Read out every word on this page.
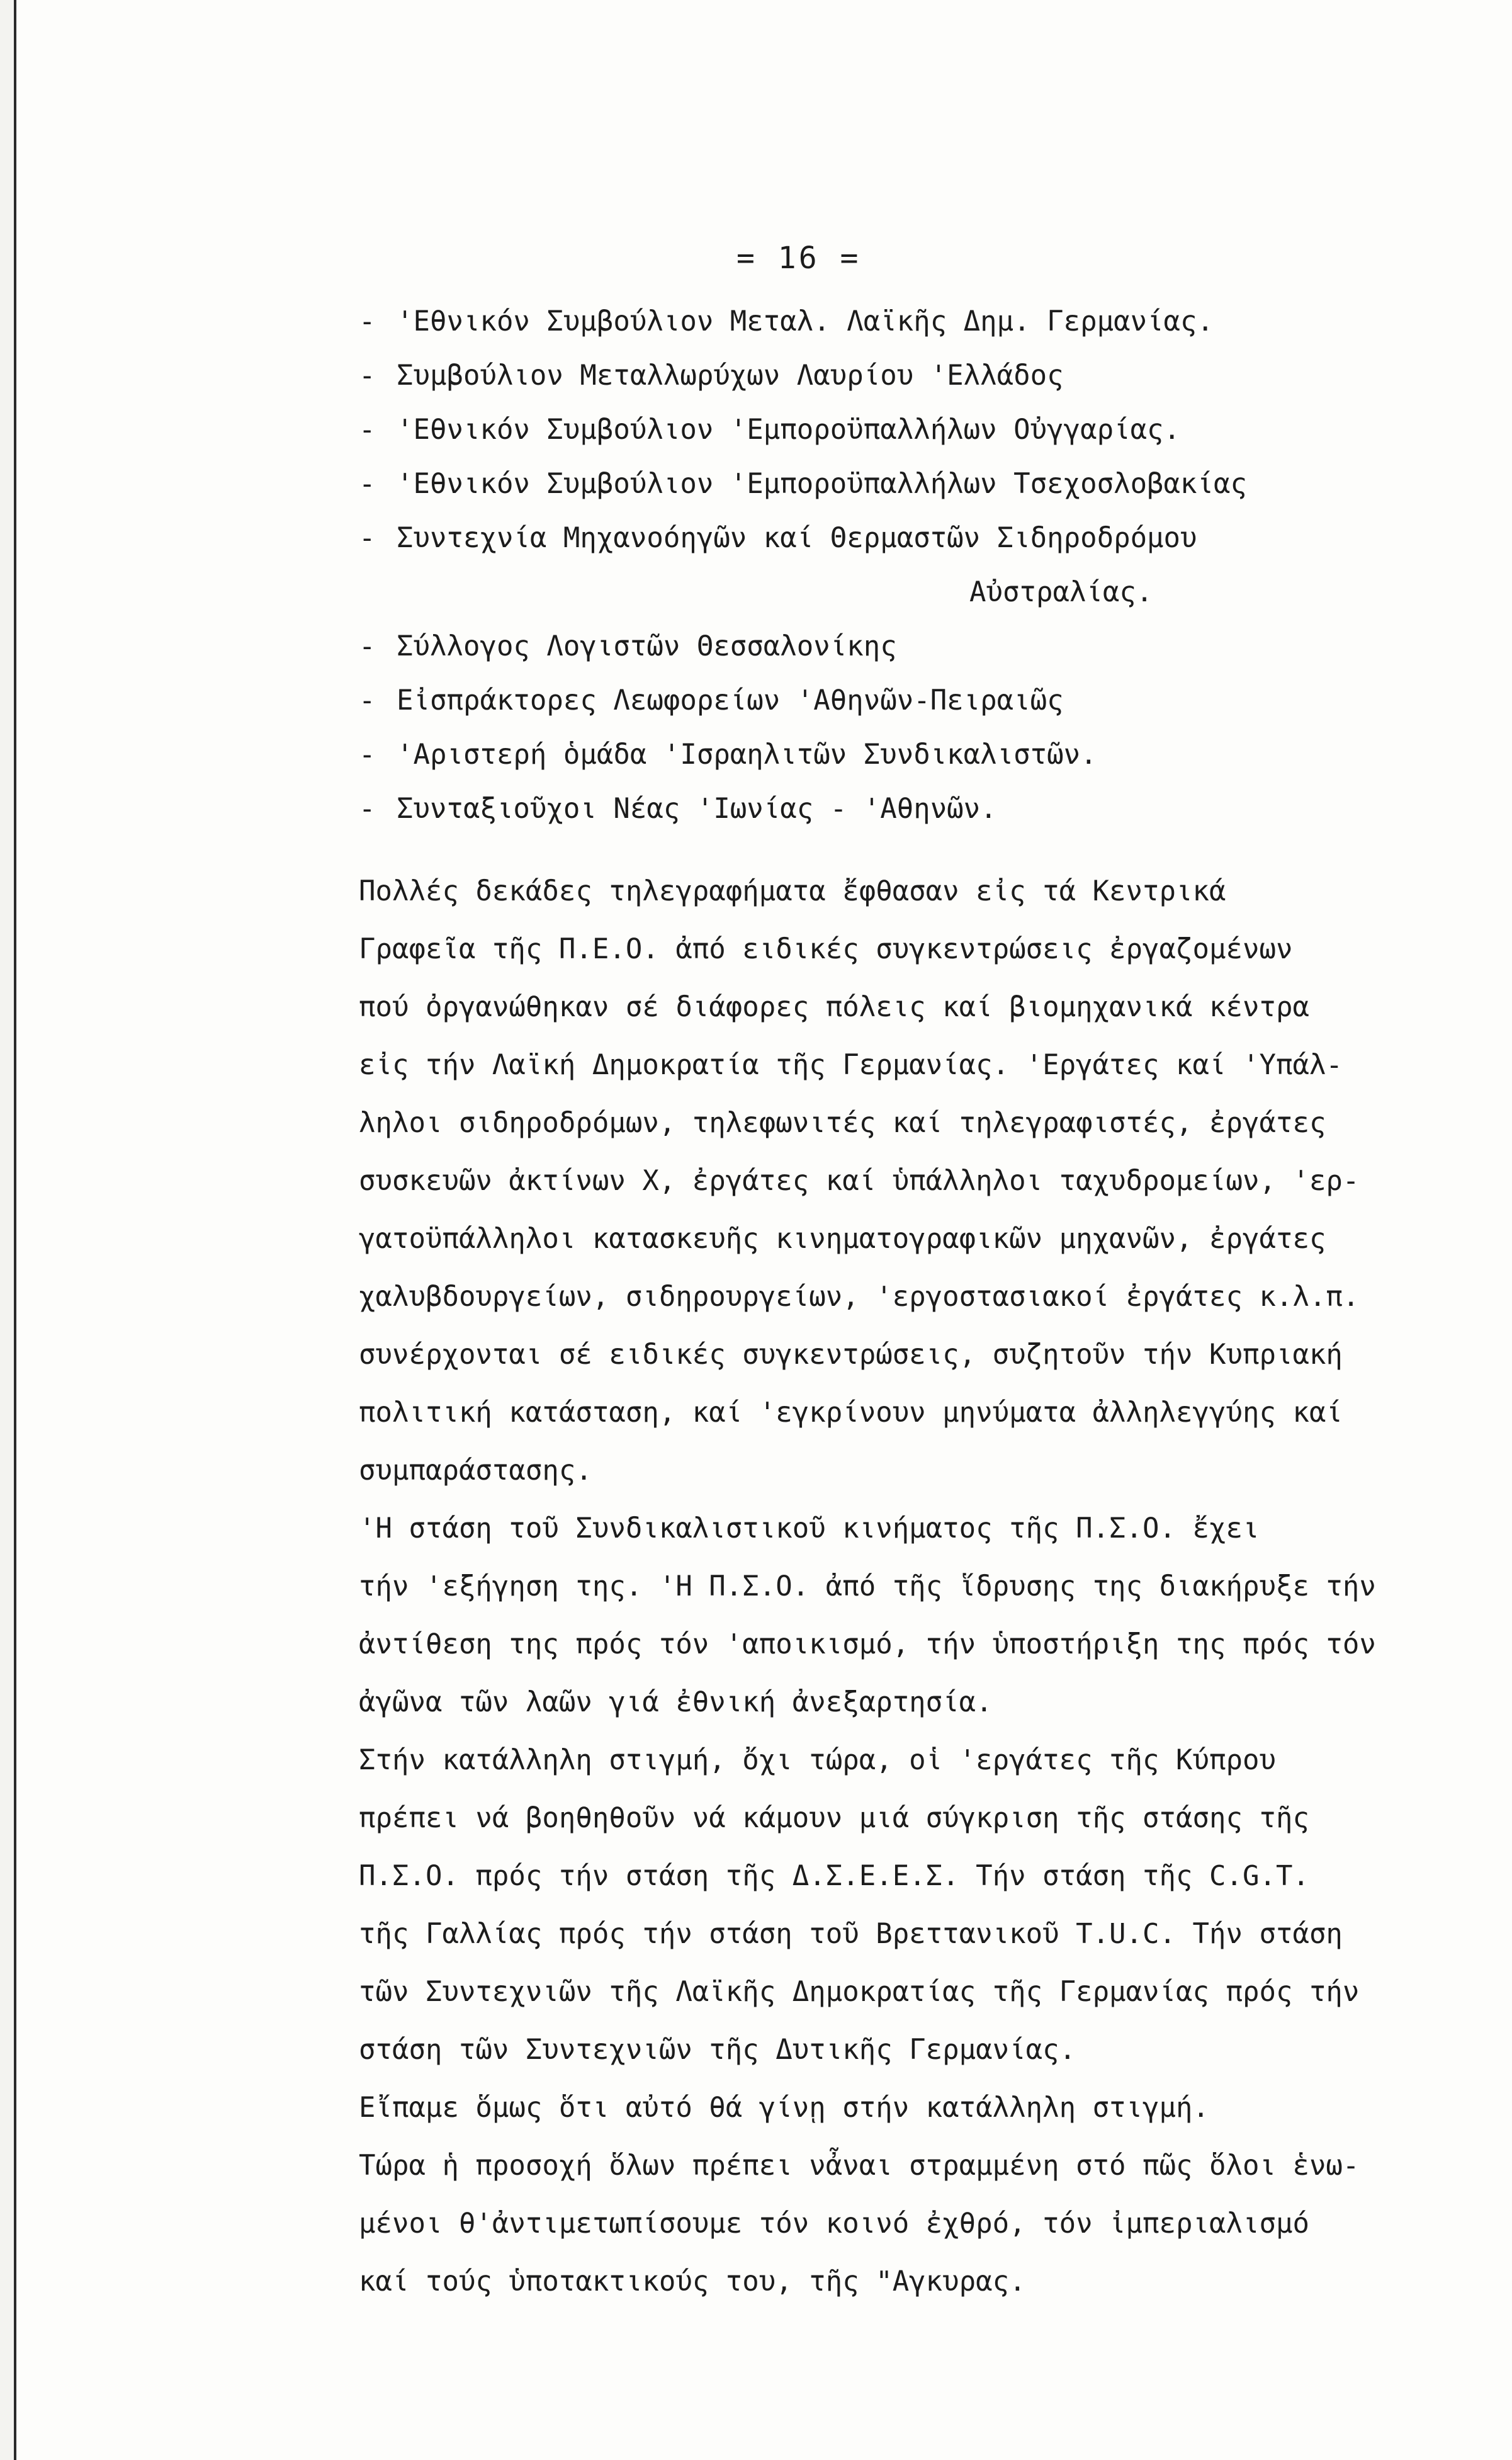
= 16 =
- 'Εθνικόν Συμβούλιον Μεταλ. Λαϊκῆς Δημ. Γερμανίας.
- Συμβούλιον Μεταλλωρύχων Λαυρίου 'Ελλάδος
- 'Εθνικόν Συμβούλιον 'Εμποροϋπαλλήλων Οὐγγαρίας.
- 'Εθνικόν Συμβούλιον 'Εμποροϋπαλλήλων Τσεχοσλοβακίας
- Συντεχνία Μηχανοόηγῶν καί Θερμαστῶν Σιδηροδρόμου
Αὐστραλίας.
- Σύλλογος Λογιστῶν Θεσσαλονίκης
- Εἰσπράκτορες Λεωφορείων 'Αθηνῶν-Πειραιῶς
- 'Αριστερή ὁμάδα 'Ισραηλιτῶν Συνδικαλιστῶν.
- Συνταξιοῦχοι Νέας 'Ιωνίας - 'Αθηνῶν.

Πολλές δεκάδες τηλεγραφήματα ἔφθασαν εἰς τά Κεντρικά
Γραφεῖα τῆς Π.Ε.Ο. ἀπό ειδικές συγκεντρώσεις ἐργαζομένων
πού ὀργανώθηκαν σέ διάφορες πόλεις καί βιομηχανικά κέντρα
εἰς τήν Λαϊκή Δημοκρατία τῆς Γερμανίας. 'Εργάτες καί 'Υπάλ-
ληλοι σιδηροδρόμων, τηλεφωνιτές καί τηλεγραφιστές, ἐργάτες
συσκευῶν ἀκτίνων Χ, ἐργάτες καί ὑπάλληλοι ταχυδρομείων, 'ερ-
γατοϋπάλληλοι κατασκευῆς κινηματογραφικῶν μηχανῶν, ἐργάτες
χαλυβδουργείων, σιδηρουργείων, 'εργοστασιακοί ἐργάτες κ.λ.π.
συνέρχονται σέ ειδικές συγκεντρώσεις, συζητοῦν τήν Κυπριακή
πολιτική κατάσταση, καί 'εγκρίνουν μηνύματα ἀλληλεγγύης καί
συμπαράστασης.

'Η στάση τοῦ Συνδικαλιστικοῦ κινήματος τῆς Π.Σ.Ο. ἔχει
τήν 'εξήγηση της. 'Η Π.Σ.Ο. ἀπό τῆς ἵδρυσης της διακήρυξε τήν
ἀντίθεση της πρός τόν 'αποικισμό, τήν ὑποστήριξη της πρός τόν
ἀγῶνα τῶν λαῶν γιά ἐθνική ἀνεξαρτησία.

Στήν κατάλληλη στιγμή, ὄχι τώρα, οἱ 'εργάτες τῆς Κύπρου
πρέπει νά βοηθηθοῦν νά κάμουν μιά σύγκριση τῆς στάσης τῆς
Π.Σ.Ο. πρός τήν στάση τῆς Δ.Σ.Ε.Ε.Σ. Τήν στάση τῆς C.G.T.
τῆς Γαλλίας πρός τήν στάση τοῦ Βρεττανικοῦ T.U.C. Τήν στάση
τῶν Συντεχνιῶν τῆς Λαϊκῆς Δημοκρατίας τῆς Γερμανίας πρός τήν
στάση τῶν Συντεχνιῶν τῆς Δυτικῆς Γερμανίας.

Εἴπαμε ὅμως ὅτι αὐτό θά γίνῃ στήν κατάλληλη στιγμή.
Τώρα ἡ προσοχή ὅλων πρέπει νἆναι στραμμένη στό πῶς ὅλοι ἑνω-
μένοι θ'ἀντιμετωπίσουμε τόν κοινό ἐχθρό, τόν ἰμπεριαλισμό
καί τούς ὑποτακτικούς του, τῆς "Αγκυρας.
